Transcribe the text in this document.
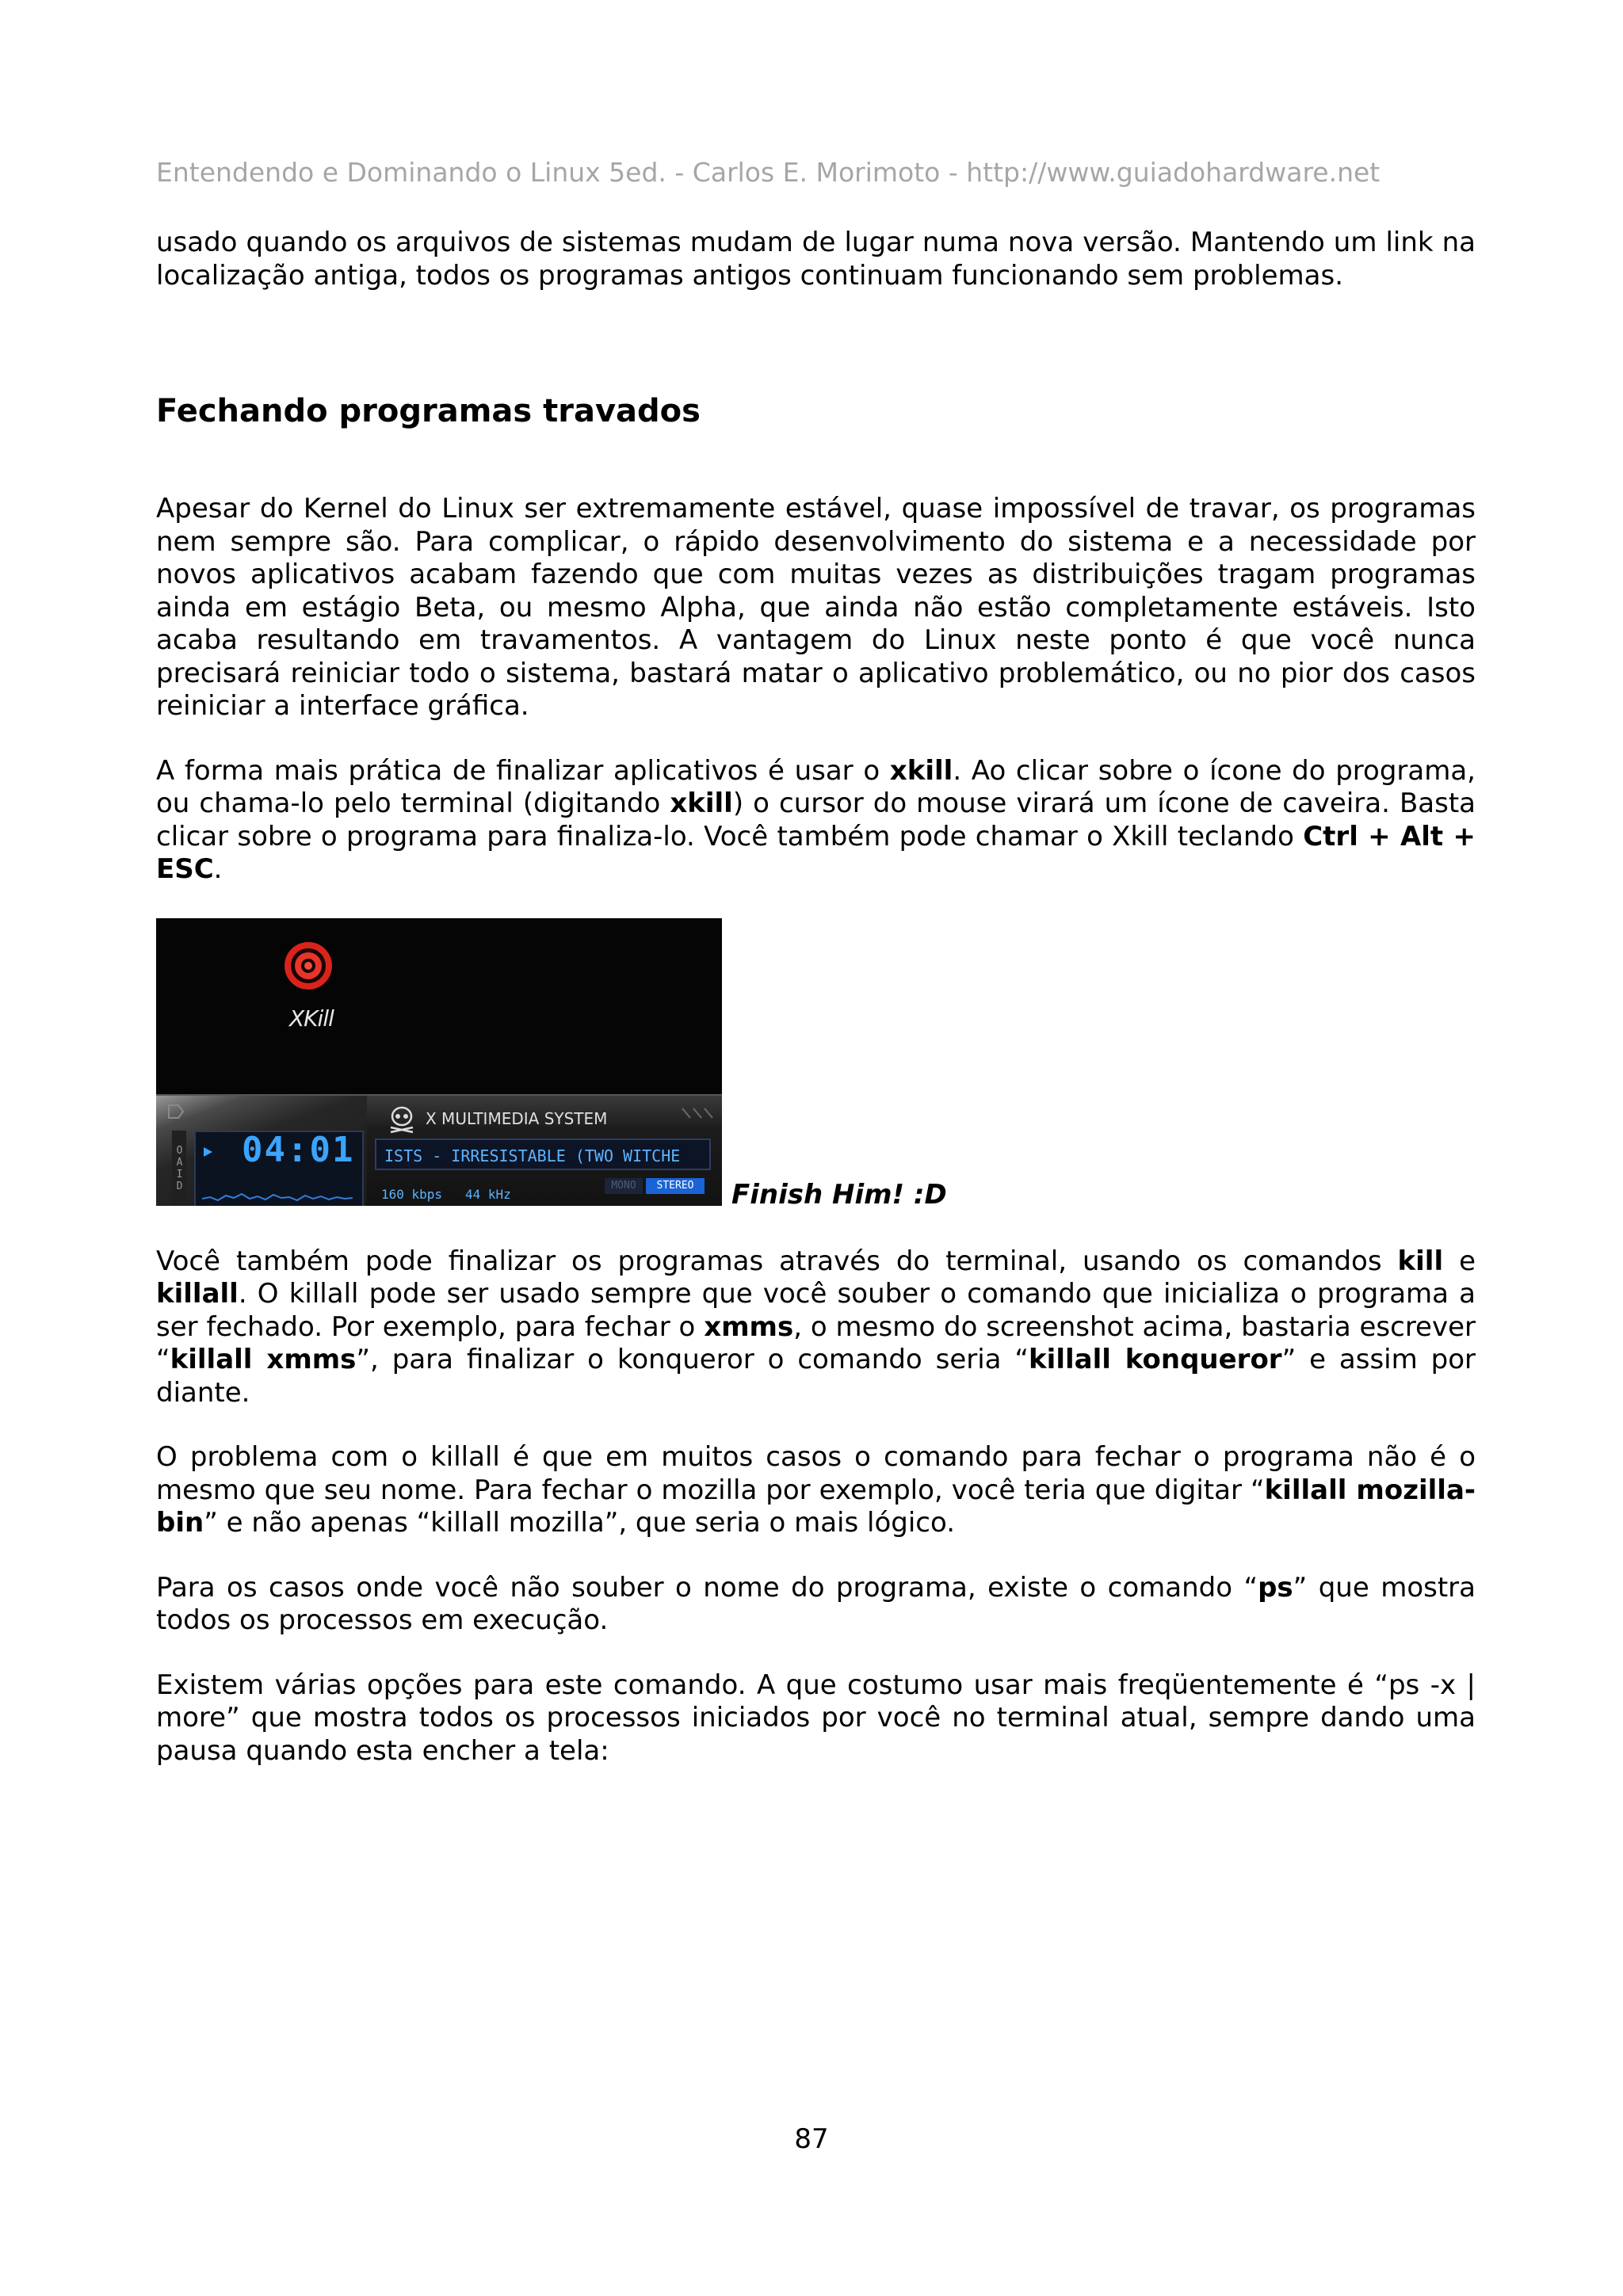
Entendendo e Dominando o Linux 5ed. - Carlos E. Morimoto - http://www.guiadohardware.net

usado quando os arquivos de sistemas mudam de lugar numa nova versão. Mantendo um link na localização antiga, todos os programas antigos continuam funcionando sem problemas.

Fechando programas travados

Apesar do Kernel do Linux ser extremamente estável, quase impossível de travar, os programas nem sempre são. Para complicar, o rápido desenvolvimento do sistema e a necessidade por novos aplicativos acabam fazendo que com muitas vezes as distribuições tragam programas ainda em estágio Beta, ou mesmo Alpha, que ainda não estão completamente estáveis. Isto acaba resultando em travamentos. A vantagem do Linux neste ponto é que você nunca precisará reiniciar todo o sistema, bastará matar o aplicativo problemático, ou no pior dos casos reiniciar a interface gráfica.

A forma mais prática de finalizar aplicativos é usar o xkill. Ao clicar sobre o ícone do programa, ou chama-lo pelo terminal (digitando xkill) o cursor do mouse virará um ícone de caveira. Basta clicar sobre o programa para finaliza-lo. Você também pode chamar o Xkill teclando Ctrl + Alt + ESC.

XKill
OAID 04:01
X MULTIMEDIA SYSTEM
ISTS - IRRESISTABLE (TWO WITCHE
160 kbps   44 kHz
MONO	STEREO	Finish Him! :D

Você também pode finalizar os programas através do terminal, usando os comandos kill e killall. O killall pode ser usado sempre que você souber o comando que inicializa o programa a ser fechado. Por exemplo, para fechar o xmms, o mesmo do screenshot acima, bastaria escrever “killall xmms”, para finalizar o konqueror o comando seria “killall konqueror” e assim por diante.

O problema com o killall é que em muitos casos o comando para fechar o programa não é o mesmo que seu nome. Para fechar o mozilla por exemplo, você teria que digitar “killall mozilla-bin” e não apenas “killall mozilla”, que seria o mais lógico.

Para os casos onde você não souber o nome do programa, existe o comando “ps” que mostra todos os processos em execução.

Existem várias opções para este comando. A que costumo usar mais freqüentemente é “ps -x | more” que mostra todos os processos iniciados por você no terminal atual, sempre dando uma pausa quando esta encher a tela:

87
